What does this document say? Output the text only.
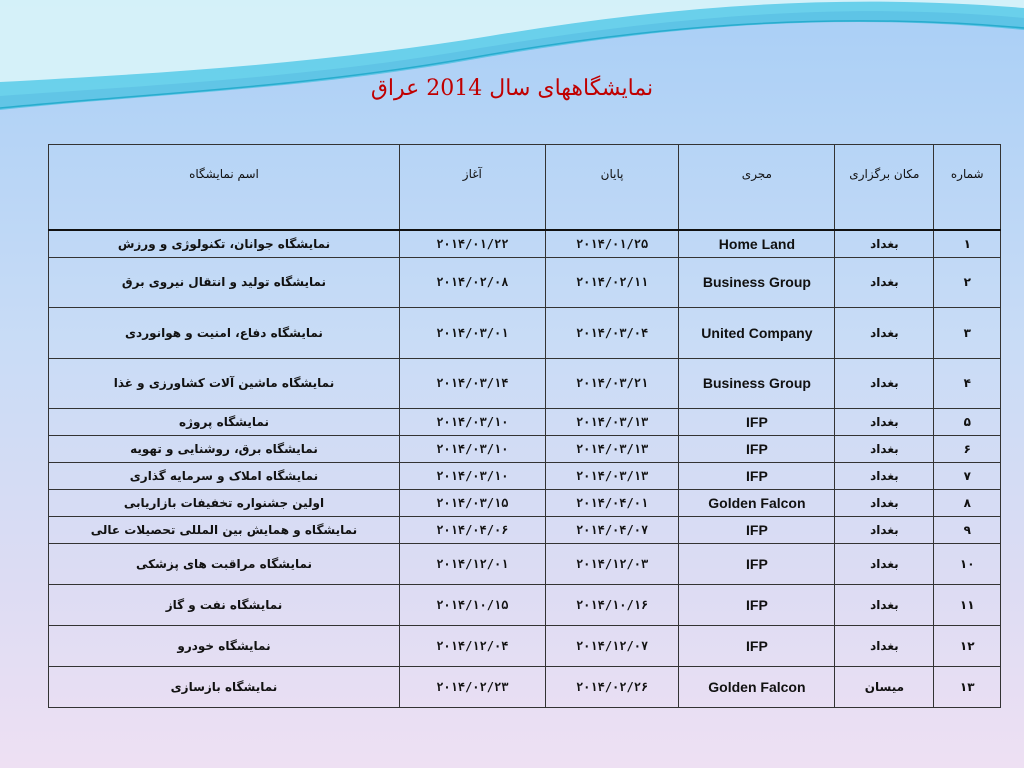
نمایشگاههای سال 2014 عراق
شماره	مکان برگزاری	مجری	پایان	آغاز	اسم نمایشگاه
١	بغداد	Home Land	۲۰۱۴/۰۱/۲۵	۲۰۱۴/۰۱/۲۲	نمایشگاه جوانان، تکنولوژی و ورزش
٢	بغداد	Business Group	۲۰۱۴/۰۲/۱۱	۲۰۱۴/۰۲/۰۸	نمایشگاه تولید و انتقال نیروی برق
٣	بغداد	United Company	۲۰۱۴/۰۳/۰۴	۲۰۱۴/۰۳/۰۱	نمایشگاه دفاع، امنیت و هوانوردی
۴	بغداد	Business Group	۲۰۱۴/۰۳/۲۱	۲۰۱۴/۰۳/۱۴	نمایشگاه ماشین آلات کشاورزی و غذا
۵	بغداد	IFP	۲۰۱۴/۰۳/۱۳	۲۰۱۴/۰۳/۱۰	نمایشگاه پروژه
۶	بغداد	IFP	۲۰۱۴/۰۳/۱۳	۲۰۱۴/۰۳/۱۰	نمایشگاه برق، روشنایی و تهویه
٧	بغداد	IFP	۲۰۱۴/۰۳/۱۳	۲۰۱۴/۰۳/۱۰	نمایشگاه املاک و سرمایه گذاری
٨	بغداد	Golden Falcon	۲۰۱۴/۰۴/۰۱	۲۰۱۴/۰۳/۱۵	اولین جشنواره تخفیفات بازاریابی
٩	بغداد	IFP	۲۰۱۴/۰۴/۰۷	۲۰۱۴/۰۴/۰۶	نمایشگاه و همایش بین المللی تحصیلات عالی
١٠	بغداد	IFP	۲۰۱۴/۱۲/۰۳	۲۰۱۴/۱۲/۰۱	نمایشگاه مراقبت های پزشکی
١١	بغداد	IFP	۲۰۱۴/۱۰/۱۶	۲۰۱۴/۱۰/۱۵	نمایشگاه نفت و گاز
١٢	بغداد	IFP	۲۰۱۴/۱۲/۰۷	۲۰۱۴/۱۲/۰۴	نمایشگاه خودرو
١٣	میسان	Golden Falcon	۲۰۱۴/۰۲/۲۶	۲۰۱۴/۰۲/۲۳	نمایشگاه بازسازی
